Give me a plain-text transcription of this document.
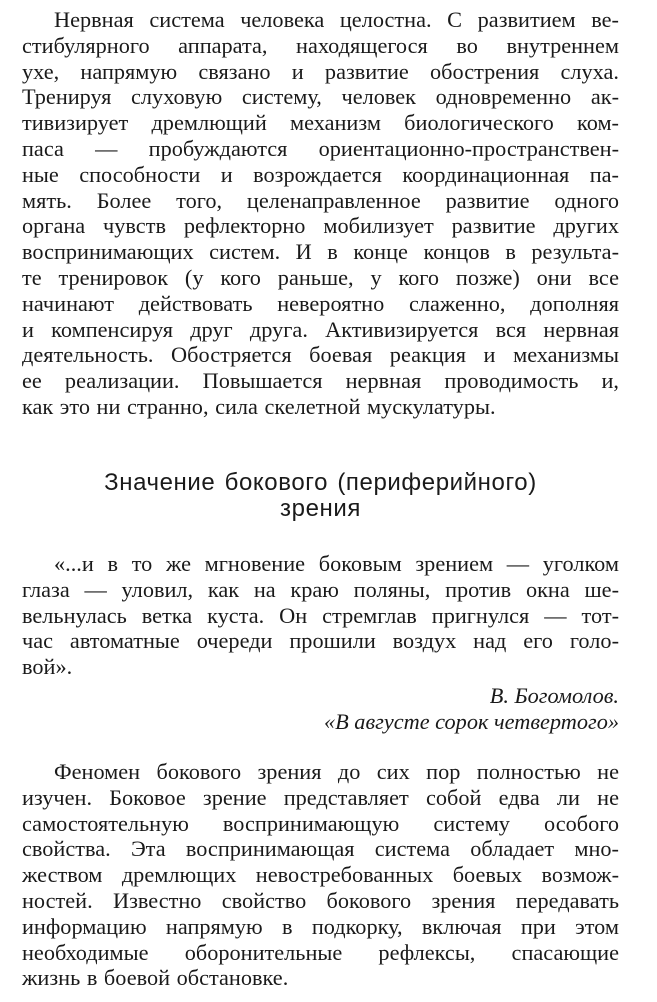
Нервная система человека целостна. С развитием ве-
стибулярного аппарата, находящегося во внутреннем
ухе, напрямую связано и развитие обострения слуха.
Тренируя слуховую систему, человек одновременно ак-
тивизирует дремлющий механизм биологического ком-
паса — пробуждаются ориентационно-пространствен-
ные способности и возрождается координационная па-
мять. Более того, целенаправленное развитие одного
органа чувств рефлекторно мобилизует развитие других
воспринимающих систем. И в конце концов в результа-
те тренировок (у кого раньше, у кого позже) они все
начинают действовать невероятно слаженно, дополняя
и компенсируя друг друга. Активизируется вся нервная
деятельность. Обостряется боевая реакция и механизмы
ее реализации. Повышается нервная проводимость и,
как это ни странно, сила скелетной мускулатуры.
Значение бокового (периферийного)
зрения
«...и в то же мгновение боковым зрением — уголком
глаза — уловил, как на краю поляны, против окна ше-
вельнулась ветка куста. Он стремглав пригнулся — тот-
час автоматные очереди прошили воздух над его голо-
вой».
В. Богомолов.
«В августе сорок четвертого»
Феномен бокового зрения до сих пор полностью не
изучен. Боковое зрение представляет собой едва ли не
самостоятельную воспринимающую систему особого
свойства. Эта воспринимающая система обладает мно-
жеством дремлющих невостребованных боевых возмож-
ностей. Известно свойство бокового зрения передавать
информацию напрямую в подкорку, включая при этом
необходимые оборонительные рефлексы, спасающие
жизнь в боевой обстановке.
